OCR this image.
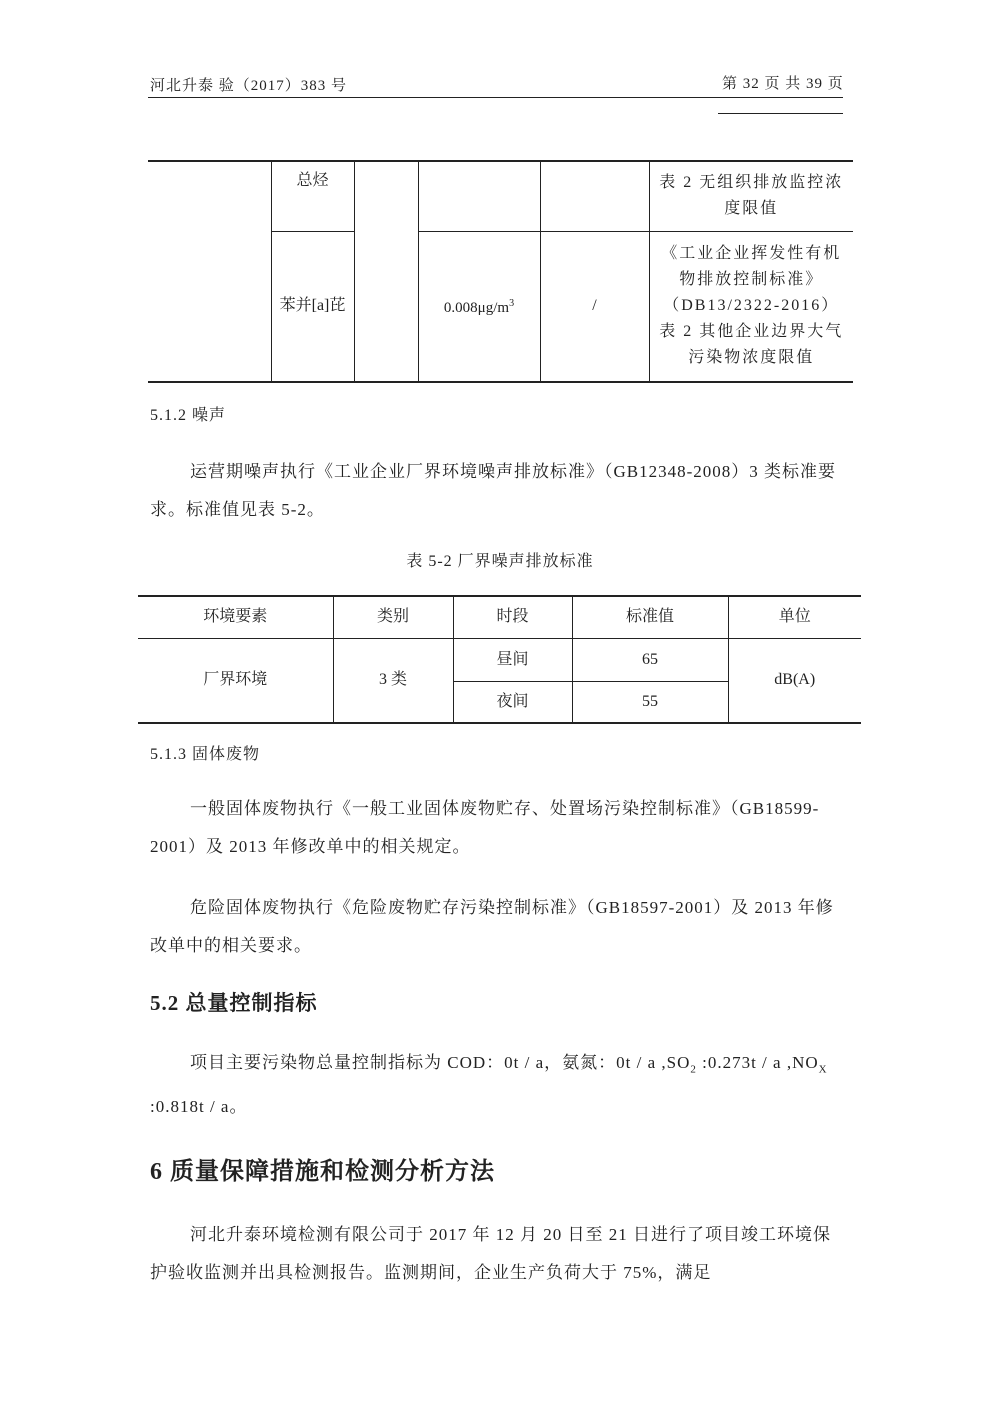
河北升泰 验（2017）383 号	第 32 页 共 39 页
	总烃				表 2 无组织排放监控浓度限值
	苯并[a]芘		$0.008\mu g/m^3$	/	《工业企业挥发性有机物排放控制标准》（DB13/2322-2016）表 2 其他企业边界大气污染物浓度限值
5.1.2 噪声
运营期噪声执行《工业企业厂界环境噪声排放标准》（GB12348-2008）3 类标准要求。标准值见表 5-2。
表 5-2 厂界噪声排放标准
环境要素	类别	时段	标准值	单位
厂界环境	3 类	昼间	65	dB(A)
		夜间	55	
5.1.3 固体废物
一般固体废物执行《一般工业固体废物贮存、处置场污染控制标准》（GB18599-2001）及 2013 年修改单中的相关规定。
危险固体废物执行《危险废物贮存污染控制标准》（GB18597-2001）及 2013 年修改单中的相关要求。
5.2 总量控制指标
项目主要污染物总量控制指标为 COD：0t / a，氨氮：0t / a $,SO_2$ :0.273t / a $,NO_X$ :0.818t / a。
6 质量保障措施和检测分析方法
河北升泰环境检测有限公司于 2017 年 12 月 20 日至 21 日进行了项目竣工环境保护验收监测并出具检测报告。监测期间，企业生产负荷大于 75%，满足
